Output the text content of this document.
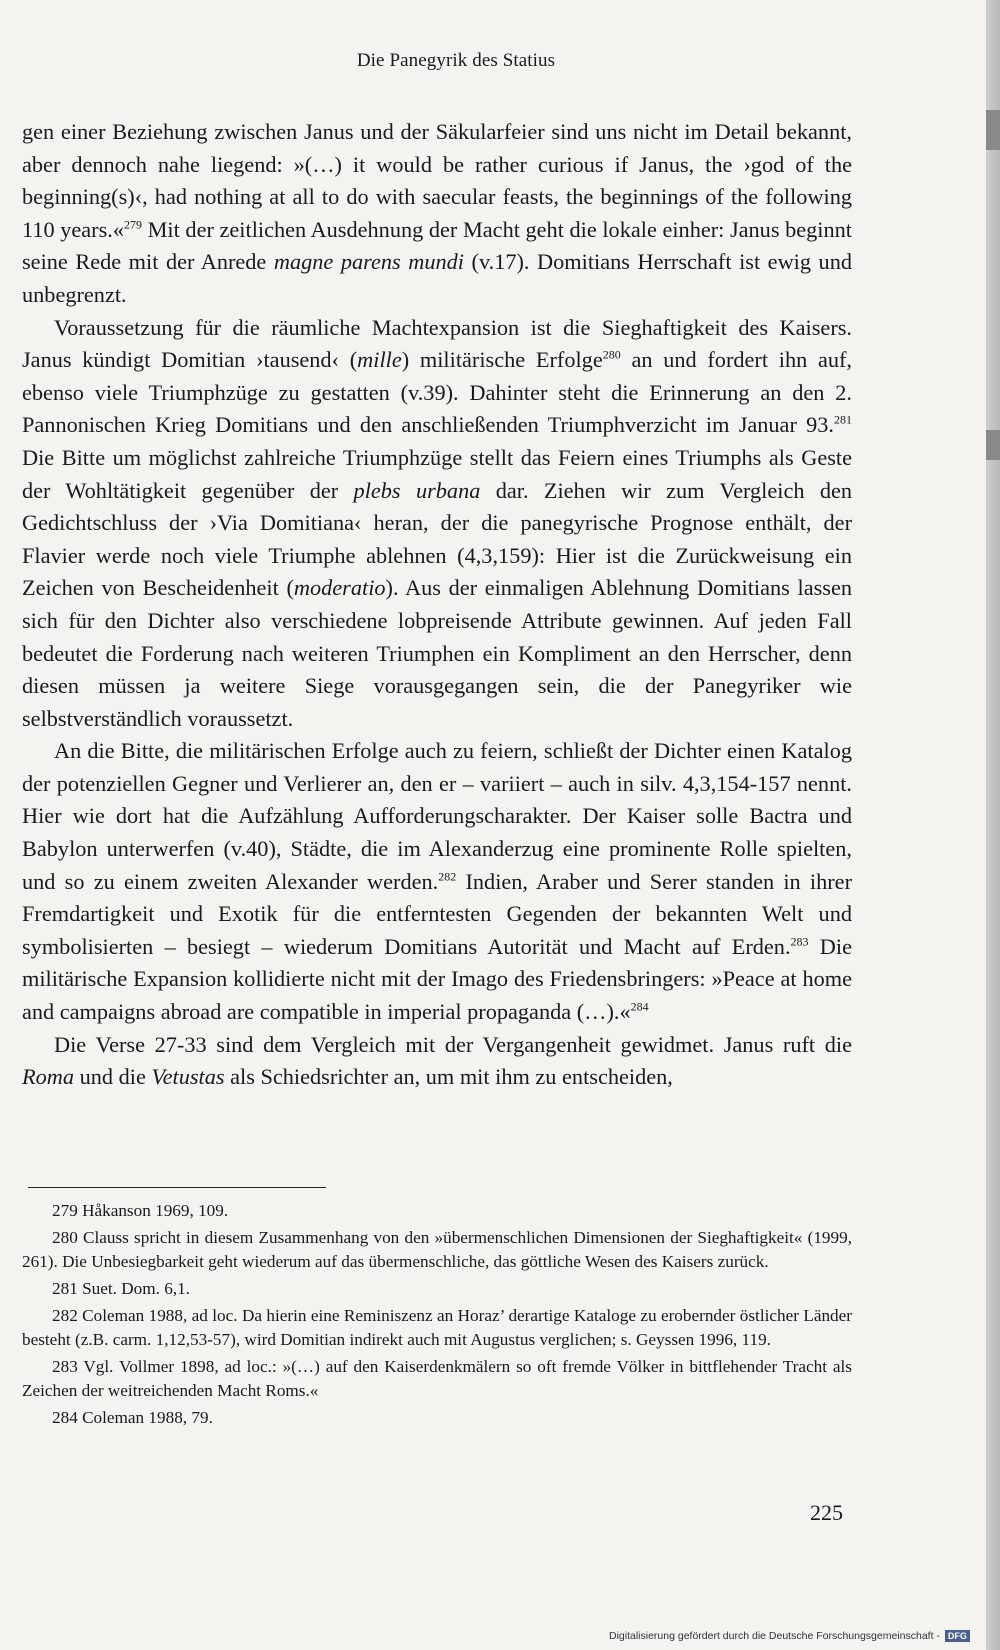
Die Panegyrik des Statius

gen einer Beziehung zwischen Janus und der Säkularfeier sind uns nicht im Detail bekannt, aber dennoch nahe liegend: »(…) it would be rather curious if Janus, the ›god of the beginning(s)‹, had nothing at all to do with saecular feasts, the beginnings of the following 110 years.«$^{279}$ Mit der zeitlichen Ausdehnung der Macht geht die lokale einher: Janus beginnt seine Rede mit der Anrede magne parens mundi (v.17). Domitians Herrschaft ist ewig und unbegrenzt.

Voraussetzung für die räumliche Machtexpansion ist die Sieghaftigkeit des Kaisers. Janus kündigt Domitian ›tausend‹ (mille) militärische Erfolge$^{280}$ an und fordert ihn auf, ebenso viele Triumphzüge zu gestatten (v.39). Dahinter steht die Erinnerung an den 2. Pannonischen Krieg Domitians und den anschließenden Triumphverzicht im Januar 93.$^{281}$ Die Bitte um möglichst zahlreiche Triumphzüge stellt das Feiern eines Triumphs als Geste der Wohltätigkeit gegenüber der plebs urbana dar. Ziehen wir zum Vergleich den Gedichtschluss der ›Via Domitiana‹ heran, der die panegyrische Prognose enthält, der Flavier werde noch viele Triumphe ablehnen (4,3,159): Hier ist die Zurückweisung ein Zeichen von Bescheidenheit (moderatio). Aus der einmaligen Ablehnung Domitians lassen sich für den Dichter also verschiedene lobpreisende Attribute gewinnen. Auf jeden Fall bedeutet die Forderung nach weiteren Triumphen ein Kompliment an den Herrscher, denn diesen müssen ja weitere Siege vorausgegangen sein, die der Panegyriker wie selbstverständlich voraussetzt.

An die Bitte, die militärischen Erfolge auch zu feiern, schließt der Dichter einen Katalog der potenziellen Gegner und Verlierer an, den er – variiert – auch in silv. 4,3,154-157 nennt. Hier wie dort hat die Aufzählung Aufforderungscharakter. Der Kaiser solle Bactra und Babylon unterwerfen (v.40), Städte, die im Alexanderzug eine prominente Rolle spielten, und so zu einem zweiten Alexander werden.$^{282}$ Indien, Araber und Serer standen in ihrer Fremdartigkeit und Exotik für die entferntesten Gegenden der bekannten Welt und symbolisierten – besiegt – wiederum Domitians Autorität und Macht auf Erden.$^{283}$ Die militärische Expansion kollidierte nicht mit der Imago des Friedensbringers: »Peace at home and campaigns abroad are compatible in imperial propaganda (…).«$^{284}$

Die Verse 27-33 sind dem Vergleich mit der Vergangenheit gewidmet. Janus ruft die Roma und die Vetustas als Schiedsrichter an, um mit ihm zu entscheiden,

279 Håkanson 1969, 109.

280 Clauss spricht in diesem Zusammenhang von den »übermenschlichen Dimensionen der Sieghaftigkeit« (1999, 261). Die Unbesiegbarkeit geht wiederum auf das übermenschliche, das göttliche Wesen des Kaisers zurück.

281 Suet. Dom. 6,1.

282 Coleman 1988, ad loc. Da hierin eine Reminiszenz an Horaz’ derartige Kataloge zu erobernder östlicher Länder besteht (z.B. carm. 1,12,53-57), wird Domitian indirekt auch mit Augustus verglichen; s. Geyssen 1996, 119.

283 Vgl. Vollmer 1898, ad loc.: »(…) auf den Kaiserdenkmälern so oft fremde Völker in bittflehender Tracht als Zeichen der weitreichenden Macht Roms.«

284 Coleman 1988, 79.

225
Digitalisierung gefördert durch die Deutsche Forschungsgemeinschaft - DFG
